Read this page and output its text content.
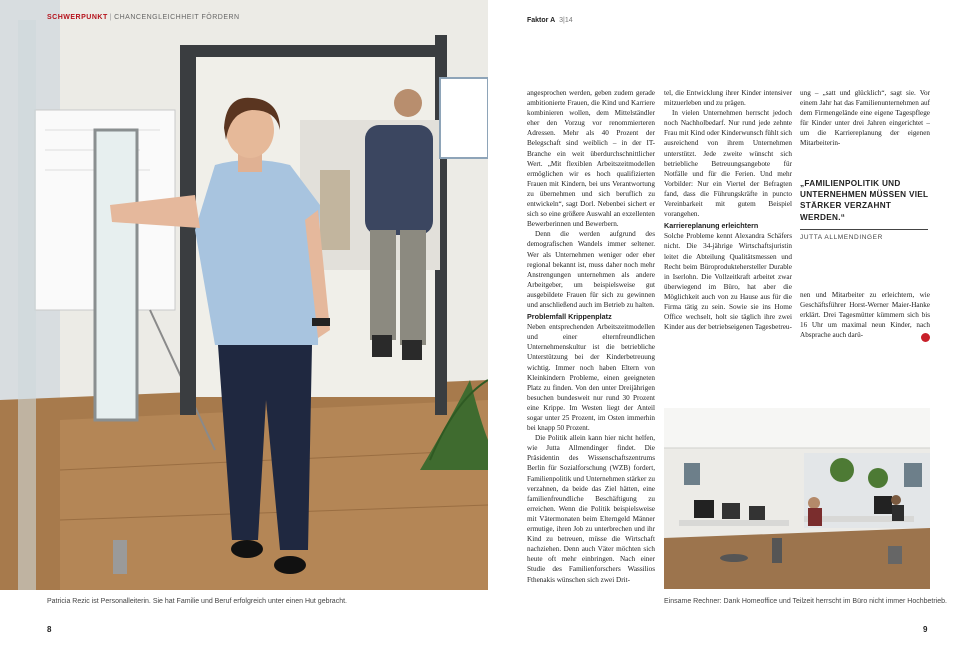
SCHWERPUNKT | CHANCENGLEICHHEIT FÖRDERN
Patricia Rezic ist Personalleiterin. Sie hat Familie und Beruf erfolgreich unter einen Hut gebracht.
8
Faktor A 3|14

angesprochen werden, geben zudem gerade ambitionierte Frauen, die Kind und Karriere kombinieren wollen, dem Mittelständler eher den Vorzug vor renommierteren Adressen. Mehr als 40 Prozent der Belegschaft sind weiblich – in der IT-Branche ein weit überdurchschnittlicher Wert. „Mit flexiblen Arbeitszeitmodellen ermöglichen wir es hoch qualifizierten Frauen mit Kindern, bei uns Verantwortung zu übernehmen und sich beruflich zu entwickeln“, sagt Dorl. Nebenbei sichert er sich so eine größere Auswahl an exzellenten Bewerberinnen und Bewerbern.

Denn die werden aufgrund des demografischen Wandels immer seltener. Wer als Unternehmen weniger oder eher regional bekannt ist, muss daher noch mehr Anstrengungen unternehmen als andere Arbeitgeber, um beispielsweise gut ausgebildete Frauen für sich zu gewinnen und anschließend auch im Betrieb zu halten.

Problemfall Krippenplatz

Neben entsprechenden Arbeitszeitmodellen und einer elternfreundlichen Unternehmenskultur ist die betriebliche Unterstützung bei der Kinderbetreuung wichtig. Immer noch haben Eltern von Kleinkindern Probleme, einen geeigneten Platz zu finden. Von den unter Dreijährigen besuchen bundesweit nur rund 30 Prozent eine Krippe. Im Westen liegt der Anteil sogar unter 25 Prozent, im Osten immerhin bei knapp 50 Prozent.

Die Politik allein kann hier nicht helfen, wie Jutta Allmendinger findet. Die Präsidentin des Wissenschaftszentrums Berlin für Sozialforschung (WZB) fordert, Familienpolitik und Unternehmen stärker zu verzahnen, da beide das Ziel hätten, eine familienfreundliche Beschäftigung zu erreichen. Wenn die Politik beispielsweise mit Vätermonaten beim Elterngeld Männer ermutige, ihren Job zu unterbrechen und ihr Kind zu betreuen, müsse die Wirtschaft nachziehen. Denn auch Väter möchten sich heute oft mehr einbringen. Nach einer Studie des Familienforschers Wassilios Fthenakis wünschen sich zwei Drit-

tel, die Entwicklung ihrer Kinder intensiver mitzuerleben und zu prägen.

In vielen Unternehmen herrscht jedoch noch Nachholbedarf. Nur rund jede zehnte Frau mit Kind oder Kinderwunsch fühlt sich ausreichend von ihrem Unternehmen unterstützt. Jede zweite wünscht sich betriebliche Betreuungsangebote für Notfälle und für die Ferien. Und mehr Vorbilder: Nur ein Viertel der Befragten fand, dass die Führungskräfte in puncto Vereinbarkeit mit gutem Beispiel vorangehen.

Karriereplanung erleichtern

Solche Probleme kennt Alexandra Schäfers nicht. Die 34-jährige Wirtschaftsjuristin leitet die Abteilung Qualitätsmessen und Recht beim Büroproduktehersteller Durable in Iserlohn. Die Vollzeitkraft arbeitet zwar überwiegend im Büro, hat aber die Möglichkeit auch von zu Hause aus für die Firma tätig zu sein. Sowie sie ins Home Office wechselt, holt sie täglich ihre zwei Kinder aus der betriebseigenen Tagesbetreu-

ung – „satt und glücklich“, sagt sie. Vor einem Jahr hat das Familienunternehmen auf dem Firmengelände eine eigene Tagespflege für Kinder unter drei Jahren eingerichtet – um die Karriereplanung der eigenen Mitarbeiterin-

„FAMILIENPOLITIK UND UNTERNEHMEN MÜSSEN VIEL STÄRKER VERZAHNT WERDEN.“
JUTTA ALLMENDINGER

nen und Mitarbeiter zu erleichtern, wie Geschäftsführer Horst-Werner Maier-Hanke erklärt. Drei Tagesmütter kümmern sich bis 16 Uhr um maximal neun Kinder, nach Absprache auch darü-

Einsame Rechner: Dank Homeoffice und Teilzeit herrscht im Büro nicht immer Hochbetrieb.
9
